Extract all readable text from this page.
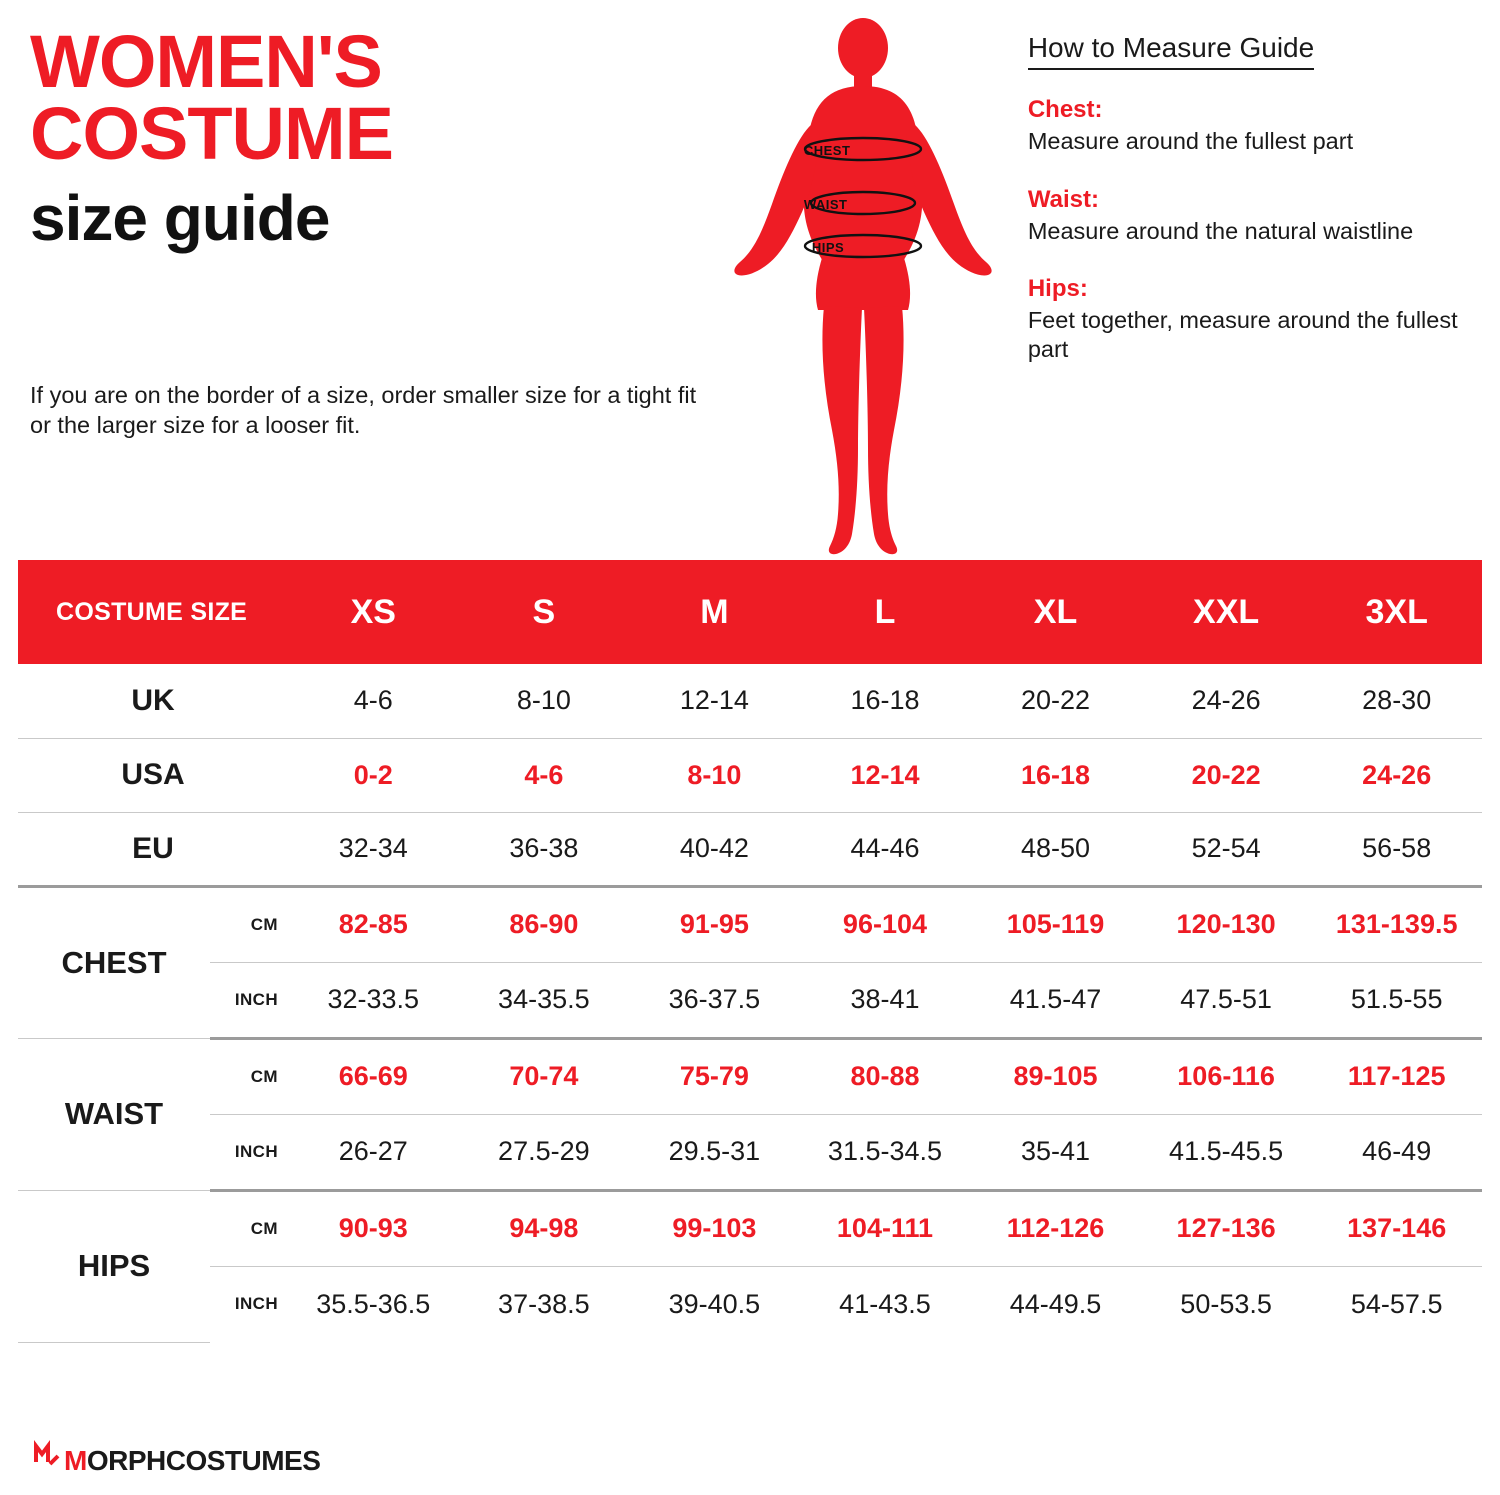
WOMEN'S
COSTUME
size guide
If you are on the border of a size, order smaller size for a tight fit or the larger size for a looser fit.
CHEST
WAIST
HIPS
How to Measure Guide
Chest:
Measure around the fullest part
Waist:
Measure around the natural waistline
Hips:
Feet together, measure around the fullest part
COSTUME SIZE		XS	S	M	L	XL	XXL	3XL
UK		4-6	8-10	12-14	16-18	20-22	24-26	28-30
USA		0-2	4-6	8-10	12-14	16-18	20-22	24-26
EU		32-34	36-38	40-42	44-46	48-50	52-54	56-58
CHEST	CM	82-85	86-90	91-95	96-104	105-119	120-130	131-139.5
	INCH	32-33.5	34-35.5	36-37.5	38-41	41.5-47	47.5-51	51.5-55
WAIST	CM	66-69	70-74	75-79	80-88	89-105	106-116	117-125
	INCH	26-27	27.5-29	29.5-31	31.5-34.5	35-41	41.5-45.5	46-49
HIPS	CM	90-93	94-98	99-103	104-111	112-126	127-136	137-146
	INCH	35.5-36.5	37-38.5	39-40.5	41-43.5	44-49.5	50-53.5	54-57.5
MORPHCOSTUMES
